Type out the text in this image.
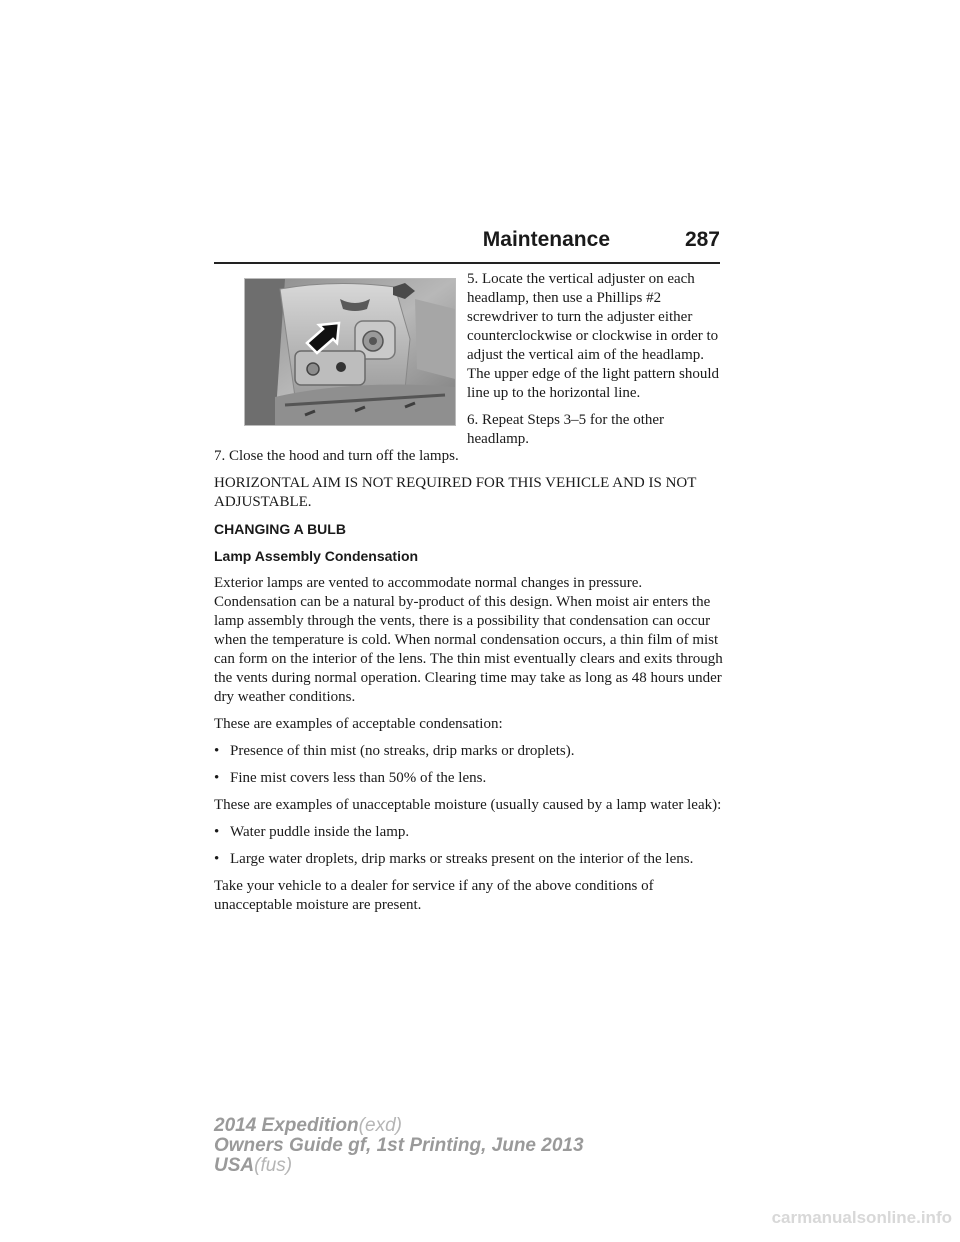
Maintenance	287

5. Locate the vertical adjuster on each headlamp, then use a Phillips #2 screwdriver to turn the adjuster either counterclockwise or clockwise in order to adjust the vertical aim of the headlamp. The upper edge of the light pattern should line up to the horizontal line.

6. Repeat Steps 3–5 for the other headlamp.

7. Close the hood and turn off the lamps.

HORIZONTAL AIM IS NOT REQUIRED FOR THIS VEHICLE AND IS NOT ADJUSTABLE.

CHANGING A BULB

Lamp Assembly Condensation

Exterior lamps are vented to accommodate normal changes in pressure. Condensation can be a natural by-product of this design. When moist air enters the lamp assembly through the vents, there is a possibility that condensation can occur when the temperature is cold. When normal condensation occurs, a thin film of mist can form on the interior of the lens. The thin mist eventually clears and exits through the vents during normal operation. Clearing time may take as long as 48 hours under dry weather conditions.

These are examples of acceptable condensation:

• Presence of thin mist (no streaks, drip marks or droplets).
• Fine mist covers less than 50% of the lens.

These are examples of unacceptable moisture (usually caused by a lamp water leak):

• Water puddle inside the lamp.
• Large water droplets, drip marks or streaks present on the interior of the lens.

Take your vehicle to a dealer for service if any of the above conditions of unacceptable moisture are present.

2014 Expedition(exd)
Owners Guide gf, 1st Printing, June 2013
USA(fus)
carmanualsonline.info
